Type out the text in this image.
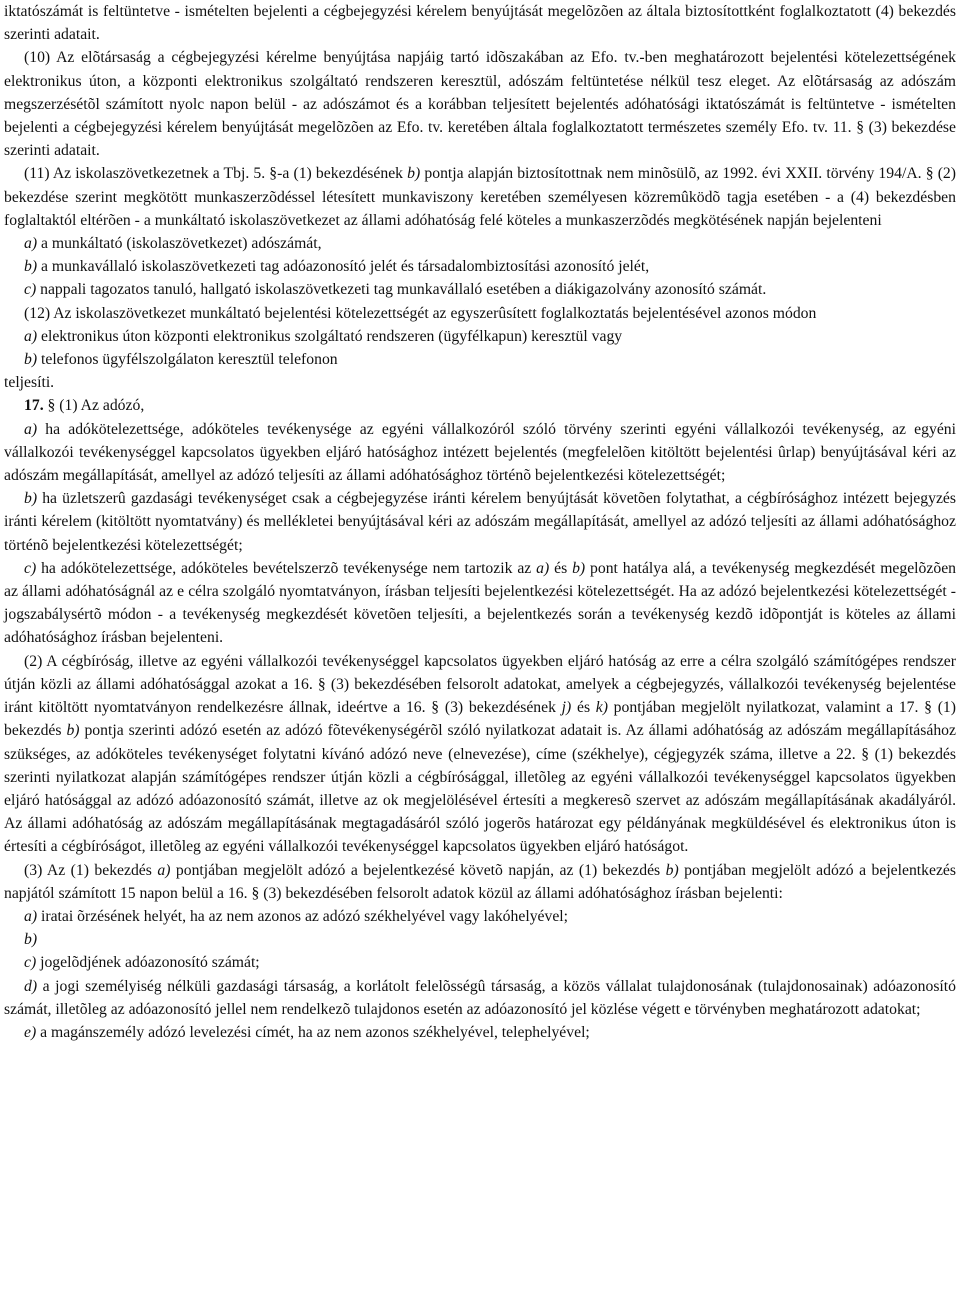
iktatószámát is feltüntetve - ismételten bejelenti a cégbejegyzési kérelem benyújtását megelõzõen az általa biztosítottként foglalkoztatott (4) bekezdés szerinti adatait.

(10) Az elõtársaság a cégbejegyzési kérelme benyújtása napjáig tartó idõszakában az Efo. tv.-ben meghatározott bejelentési kötelezettségének elektronikus úton, a központi elektronikus szolgáltató rendszeren keresztül, adószám feltüntetése nélkül tesz eleget. Az elõtársaság az adószám megszerzésétõl számított nyolc napon belül - az adószámot és a korábban teljesített bejelentés adóhatósági iktatószámát is feltüntetve - ismételten bejelenti a cégbejegyzési kérelem benyújtását megelõzõen az Efo. tv. keretében általa foglalkoztatott természetes személy Efo. tv. 11. § (3) bekezdése szerinti adatait.

(11) Az iskolaszövetkezetnek a Tbj. 5. §-a (1) bekezdésének b) pontja alapján biztosítottnak nem minõsülõ, az 1992. évi XXII. törvény 194/A. § (2) bekezdése szerint megkötött munkaszerzõdéssel létesített munkaviszony keretében személyesen közremûködõ tagja esetében - a (4) bekezdésben foglaltaktól eltérõen - a munkáltató iskolaszövetkezet az állami adóhatóság felé köteles a munkaszerzõdés megkötésének napján bejelenteni

a) a munkáltató (iskolaszövetkezet) adószámát,

b) a munkavállaló iskolaszövetkezeti tag adóazonosító jelét és társadalombiztosítási azonosító jelét,

c) nappali tagozatos tanuló, hallgató iskolaszövetkezeti tag munkavállaló esetében a diákigazolvány azonosító számát.

(12) Az iskolaszövetkezet munkáltató bejelentési kötelezettségét az egyszerûsített foglalkoztatás bejelentésével azonos módon

a) elektronikus úton központi elektronikus szolgáltató rendszeren (ügyfélkapun) keresztül vagy

b) telefonos ügyfélszolgálaton keresztül telefonon

teljesíti.

17. § (1) Az adózó,

a) ha adókötelezettsége, adóköteles tevékenysége az egyéni vállalkozóról szóló törvény szerinti egyéni vállalkozói tevékenység, az egyéni vállalkozói tevékenységgel kapcsolatos ügyekben eljáró hatósághoz intézett bejelentés (megfelelõen kitöltött bejelentési ûrlap) benyújtásával kéri az adószám megállapítását, amellyel az adózó teljesíti az állami adóhatósághoz történõ bejelentkezési kötelezettségét;

b) ha üzletszerû gazdasági tevékenységet csak a cégbejegyzése iránti kérelem benyújtását követõen folytathat, a cégbírósághoz intézett bejegyzés iránti kérelem (kitöltött nyomtatvány) és mellékletei benyújtásával kéri az adószám megállapítását, amellyel az adózó teljesíti az állami adóhatósághoz történõ bejelentkezési kötelezettségét;

c) ha adókötelezettsége, adóköteles bevételszerzõ tevékenysége nem tartozik az a) és b) pont hatálya alá, a tevékenység megkezdését megelõzõen az állami adóhatóságnál az e célra szolgáló nyomtatványon, írásban teljesíti bejelentkezési kötelezettségét. Ha az adózó bejelentkezési kötelezettségét - jogszabálysértõ módon - a tevékenység megkezdését követõen teljesíti, a bejelentkezés során a tevékenység kezdõ idõpontját is köteles az állami adóhatósághoz írásban bejelenteni.

(2) A cégbíróság, illetve az egyéni vállalkozói tevékenységgel kapcsolatos ügyekben eljáró hatóság az erre a célra szolgáló számítógépes rendszer útján közli az állami adóhatósággal azokat a 16. § (3) bekezdésében felsorolt adatokat, amelyek a cégbejegyzés, vállalkozói tevékenység bejelentése iránt kitöltött nyomtatványon rendelkezésre állnak, ideértve a 16. § (3) bekezdésének j) és k) pontjában megjelölt nyilatkozat, valamint a 17. § (1) bekezdés b) pontja szerinti adózó esetén az adózó fõtevékenységérõl szóló nyilatkozat adatait is. Az állami adóhatóság az adószám megállapításához szükséges, az adóköteles tevékenységet folytatni kívánó adózó neve (elnevezése), címe (székhelye), cégjegyzék száma, illetve a 22. § (1) bekezdés szerinti nyilatkozat alapján számítógépes rendszer útján közli a cégbírósággal, illetõleg az egyéni vállalkozói tevékenységgel kapcsolatos ügyekben eljáró hatósággal az adózó adóazonosító számát, illetve az ok megjelölésével értesíti a megkeresõ szervet az adószám megállapításának akadályáról. Az állami adóhatóság az adószám megállapításának megtagadásáról szóló jogerõs határozat egy példányának megküldésével és elektronikus úton is értesíti a cégbíróságot, illetõleg az egyéni vállalkozói tevékenységgel kapcsolatos ügyekben eljáró hatóságot.

(3) Az (1) bekezdés a) pontjában megjelölt adózó a bejelentkezésé követõ napján, az (1) bekezdés b) pontjában megjelölt adózó a bejelentkezés napjától számított 15 napon belül a 16. § (3) bekezdésében felsorolt adatok közül az állami adóhatósághoz írásban bejelenti:

a) iratai õrzésének helyét, ha az nem azonos az adózó székhelyével vagy lakóhelyével;

b)

c) jogelõdjének adóazonosító számát;

d) a jogi személyiség nélküli gazdasági társaság, a korlátolt felelõsségû társaság, a közös vállalat tulajdonosának (tulajdonosainak) adóazonosító számát, illetõleg az adóazonosító jellel nem rendelkezõ tulajdonos esetén az adóazonosító jel közlése végett e törvényben meghatározott adatokat;

e) a magánszemély adózó levelezési címét, ha az nem azonos székhelyével, telephelyével;
